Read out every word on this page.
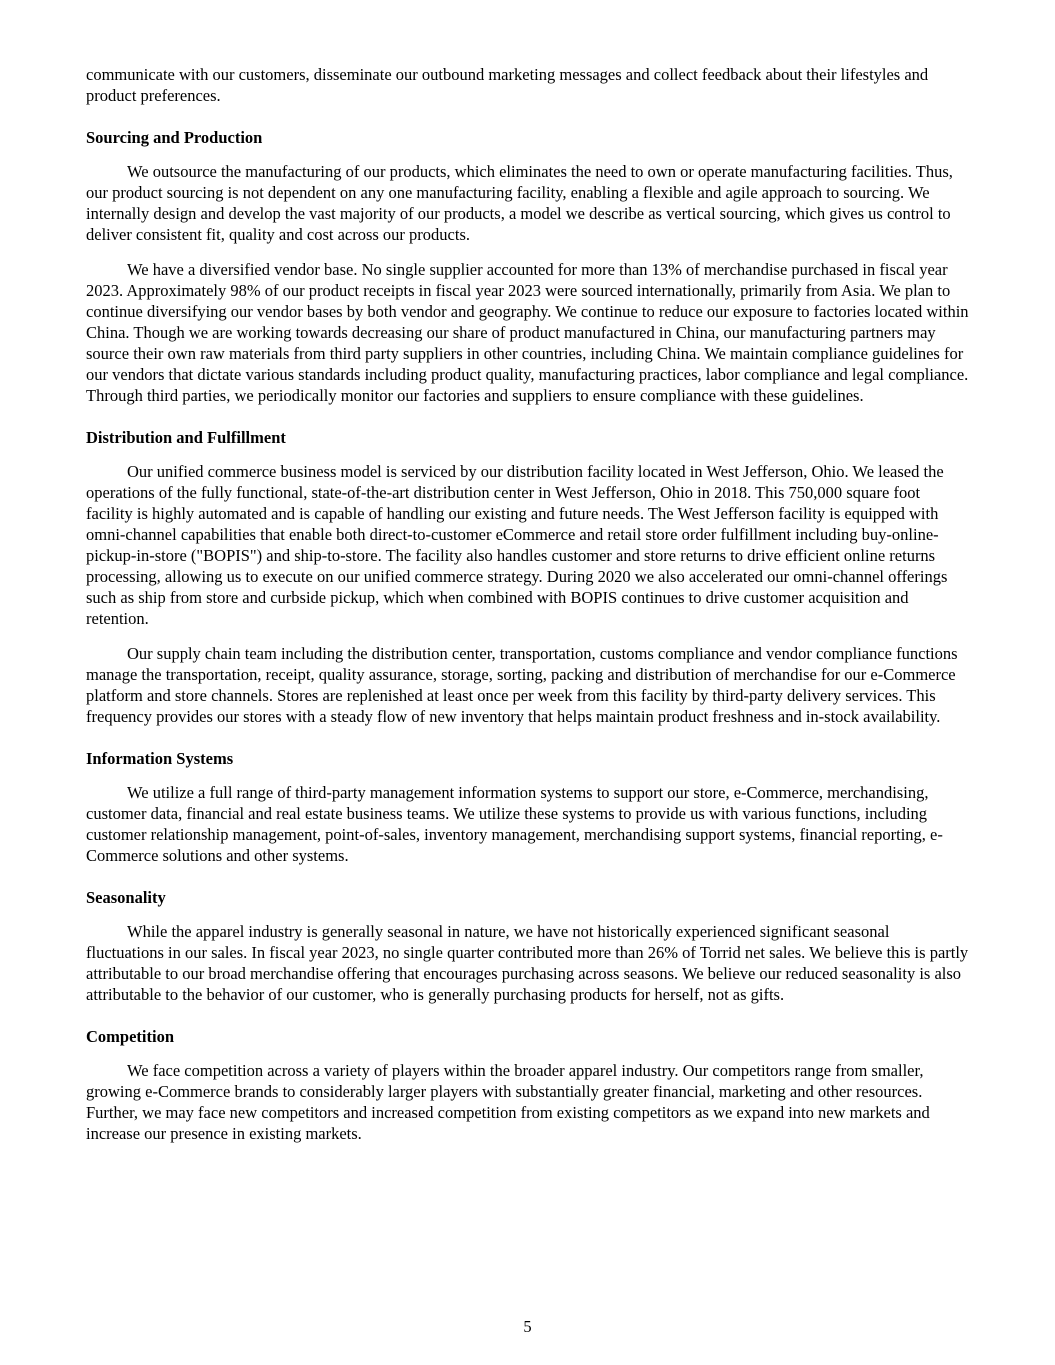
communicate with our customers, disseminate our outbound marketing messages and collect feedback about their lifestyles and product preferences.

Sourcing and Production

We outsource the manufacturing of our products, which eliminates the need to own or operate manufacturing facilities. Thus, our product sourcing is not dependent on any one manufacturing facility, enabling a flexible and agile approach to sourcing. We internally design and develop the vast majority of our products, a model we describe as vertical sourcing, which gives us control to deliver consistent fit, quality and cost across our products.

We have a diversified vendor base. No single supplier accounted for more than 13% of merchandise purchased in fiscal year 2023. Approximately 98% of our product receipts in fiscal year 2023 were sourced internationally, primarily from Asia. We plan to continue diversifying our vendor bases by both vendor and geography. We continue to reduce our exposure to factories located within China. Though we are working towards decreasing our share of product manufactured in China, our manufacturing partners may source their own raw materials from third party suppliers in other countries, including China. We maintain compliance guidelines for our vendors that dictate various standards including product quality, manufacturing practices, labor compliance and legal compliance. Through third parties, we periodically monitor our factories and suppliers to ensure compliance with these guidelines.

Distribution and Fulfillment

Our unified commerce business model is serviced by our distribution facility located in West Jefferson, Ohio. We leased the operations of the fully functional, state-of-the-art distribution center in West Jefferson, Ohio in 2018. This 750,000 square foot facility is highly automated and is capable of handling our existing and future needs. The West Jefferson facility is equipped with omni-channel capabilities that enable both direct-to-customer eCommerce and retail store order fulfillment including buy-online-pickup-in-store ("BOPIS") and ship-to-store. The facility also handles customer and store returns to drive efficient online returns processing, allowing us to execute on our unified commerce strategy. During 2020 we also accelerated our omni-channel offerings such as ship from store and curbside pickup, which when combined with BOPIS continues to drive customer acquisition and retention.

Our supply chain team including the distribution center, transportation, customs compliance and vendor compliance functions manage the transportation, receipt, quality assurance, storage, sorting, packing and distribution of merchandise for our e-Commerce platform and store channels. Stores are replenished at least once per week from this facility by third-party delivery services. This frequency provides our stores with a steady flow of new inventory that helps maintain product freshness and in-stock availability.

Information Systems

We utilize a full range of third-party management information systems to support our store, e-Commerce, merchandising, customer data, financial and real estate business teams. We utilize these systems to provide us with various functions, including customer relationship management, point-of-sales, inventory management, merchandising support systems, financial reporting, e-Commerce solutions and other systems.

Seasonality

While the apparel industry is generally seasonal in nature, we have not historically experienced significant seasonal fluctuations in our sales. In fiscal year 2023, no single quarter contributed more than 26% of Torrid net sales. We believe this is partly attributable to our broad merchandise offering that encourages purchasing across seasons. We believe our reduced seasonality is also attributable to the behavior of our customer, who is generally purchasing products for herself, not as gifts.

Competition

We face competition across a variety of players within the broader apparel industry. Our competitors range from smaller, growing e-Commerce brands to considerably larger players with substantially greater financial, marketing and other resources. Further, we may face new competitors and increased competition from existing competitors as we expand into new markets and increase our presence in existing markets.

5
